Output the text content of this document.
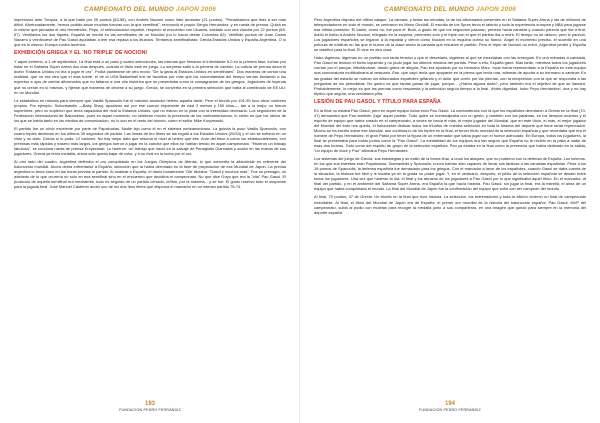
CAMPEONATO DEL MUNDO JAPON 2006

impresionó ante Turquía, a la que batió por 25 puntos (83-58), con Andrés Nocioni como líder anotador (21 puntos). "Pensábamos que ibas a ser más difícil. Afortunadamente, hemos podido sacar muchas fuerzas con la que semifinal", reconoció el propio Sergio Hernández, y en rueda de prensa. Quizá es lo mismo que pensaba el otro Hernández, Pepu, el seleccionador español, respecto al encuentro con Lituania, saldado con una victoria por 22 puntos (89-67). Ventilados los dos tiquets, España se medía en las semifinales de un Mundial (no lo hacía desde Colombia 82). Vehiflido puntos de Juan Carlos Navarro y veintinueve de Pau Gasol ayudaban a leer esa repasa a los lituanos. Tenfamos semifinalistas: Grecia-Estados Unidos y España-Argentina. O lo que es lo mismo: Europa contra América.

EXHIBICIÓN GRIEGA Y EL 'NO TRIPLE' DE NOCIONI

Y aquel extremo, a 1 de septiembre. La final está a un paso y cuatro selecciones, las mismas que firmaron el intimidante 5-0 en la primera fase, luchan por estar en el Saitama Super Arena dos días después, cuando el título esté en juego. Lo sorpresa saltó a la primera de cambio. La noticia de prensa decía el duelo "Estados Unidos no iría a jugar el oro". Podía plantearse de otro modo: "De la gana al Estados Unidos en semifinales". Dos maneras de contar una realidad, que no era otra que el mas fuerte, el de la USA Basketball era de favoritos por más que los comentaristas del tiempo venían llamando a los expertos a ojos de ciertos aficionados que no faltaron a una cita histórica que se presentaba como la consagración de los griegos. Jugadores de leyenda que no creían en sí mismos, y fíjense qué maneras de decirse a su juego. Grecia, se convertía en la primera selección que batía al combinado de EE.UU. en un Mundial.

La estadística es rotunda para siempre que Vasilis Spanoulis fue el máximo anotador heleno aquella tarde. Pero el triunfo por 101-95 tuvo otros nombres propios. Por ejemplo, Schortsanitis —Baby Shaq, apodaron así por ese cuerpo imponente de casi 2 metros y 150 kilos—, tan a lo mejor no fueron superiores, pero no supieron que tenía capacidad del rival lo Estados Unidos, que no estuvo en la pista con la intensidad necesaria. Los seguidores de la Federación Internacional de Baloncesto, pues en aquel momento, no celebran mucho la presencia de los norteamericanos, lo cierto es que los ídolos de los que se habla tanto en los medios de comunicación, no lo son en el resto del mundo, como el señor Mike Krzyzewski.

El partido fue un clínic excelente por parte de Papaloukas. Nadie lejo como él en el sistema norteamericano. La guinda la puso Vasilis Spanoulis, con cuatro triples decisivos en los últimos 35 segundos de partido. Las líneas de tiro libres se las regaló a los Estados Unidos (20/34) y el oro se esfumó en un visto y no visto. Grecia sí lo pudo: 12 balones. No hay mejor dato que resuma el nivel al helero que ése. Aníe del tieso a como los estadounidenses, con premisas más rápidas y trasero más largos, los griegos fueron a jugar en la cancha que ellos no habían tenido en aquel campeonato. "Hicieron un trabajo fabuloso", se conduna rueda de prensa Krzyzewski. Lo hicieron. Un trabajo que nació en la salvaje de Panagiotis Giannakis y acabó en las manos de sus jugadores. Grecia ya tenía medalla, ahora sólo queda bajar de color, y a su rival en la lucha por el oro.

Al otro lado del cuadro, Argentina defendía el oro conquistado en los Juegos Olímpicos de Atenas, lo que convertía la albiceleste en referente del baloncesto mundial. Ahora debía enfrentarse a España, selección que la había derrotado en la fase de preparación de ese Mundial de Japón. La prensa argentina lo tenía claro en las horas previas al partido. Al analizar a España, el diario bonaerense 'Olé' titulaba: "Gasol y muchos más". Fue un presagio, un adelanto de lo que ocurriría no sólo en esa semifinal sino en el encuentro que decidiría el campeonato. No que dice Goya que era la "olla" Pau Gasol. El protocolo de aquella semifinal era inexistente, todo es seguido de un partido cerrado, reñido, por la máxima... y se fue. El gusto reservó todo el suspense para la jugada final. José Manuel Calderón anotó uno de los dos tiros libres que disponía el marcador en un intenso partido 75-74.

193
FUNDACIÓN PEDRO FERRÁNDIZ
CAMPEONATO DEL MUNDO JAPON 2006

Pero Argentina dispuso del último ataque. La cámara, y todas las miradas, la de los aficionados presentes en el Saitama Super Arena y las de millones de telespectadores en todo el mundo, se centraron en Manu Ginóbili. El escolta de los Spurs tenía el talento y toda la experiencia europea y NBA para jugarse esa última posesión. El balón, cómo no, fue para él. Botó, a gusto de que los segundos pasaran, penetró hacia canasta y cuando parecía que iba a tirar, dobló el balón a Andrés Nocioni, relegado en la esquina, perímetro solo y el triple con el que el partido iba a morir. El tiempo no se detuvo, pero lo pareció. Los jugadores españoles se legaron a la espalda y vieron cómo Nocioni en la esquina cubría su flanco. Ángel el momento preciso, el sucedió en una película de instituto en las que el bueno de la clase anota la canasta que resuelve el partido. Pero el triple de Nocioni no entró, Argentina perdió y España se clasificó para la final. El cine es otra cosa.

Hubo lágrimas, lágrimas en un partido con tanta tensión y que el desvelaes, lágrimas al que se mezclaban con las emergías. En una entradas a cansada, Pau Gasol se lesionó el bicho izquierdo y no pudo jugar los últimos minutos del partido. Pese a ello, España ganó. Más tarde, mientras todos los jugadores corrían por el parqué, felicitándose, dando gritos de alegría, Pau era ayudado por su hermano Marc. «que había representado a la España en este equipo una convocatoria multitudinaria al vestuario. Ese, que cayó tenía que apoyarse en la pierna que tenía rota, además de ayudar a su hermano a caminar. En las gradas del estadio se nutrían los aficionados españoles gritando y el dolor que corrió por las piernas, con la inexpresión con la que se respondía a las preguntas de los periodistas. No quiero es que tantas ganas de jugar, porque... ¿Había alguna duda?, pero también era el objetivo de que se llamara. Probablemente, lo mejor es que las piernas como respuesta y la selección seguía tiempo a la final. ¡Hubo dignidad, hubo Pepu Hernández!, una y no hay triplico que seguía, una verdadera piña.

LESIÓN DE PAU GASOL Y TÍTULO PARA ESPAÑA

En la final no estaba Pau Gasol, pero en aquel equipo todos eran Pau Gasol. La contundencia con la que los españoles derrotaron a Grecia en la final (70-47) demuestra que Pau también 'jugó' aquel partido. Todo quien se homenajeaba con un gesto, y también con las palabras, en los tiempos muertos y el espíritu de equipo que había creado en el campeonato, a veces se hacía el más, el mejor jugador del Mundial, que en este título, el más, el mejor jugador del Mundial del todo nos quedó, el baloncesto dedicar todos los triunfos de nuestra selección en toda la historia del deporte que tiene tanta repercusión. Mucho se ha escrito sobre ese Mundial, aún continúa lo de los triples en la final, el tercer título mundial de la selección española y que recordaba qué era el hombre de Pepu Hernández, el gran Pablo por tener la figura de un entrenador que sabía jugar con el humor adecuado. En Europa, todos los jugadores, la final se presentaba para todos juntos como la "Pau Gasol". La mentalidad de los equipos era tan seguro que España no le recibió en la pista a nadie de esas dos formas. Todo como del espíritu de grupo de la selección española, Pau ya estaba en la final como la presencia que había dedicado en la salida, "un equipo de doce y Pau" afirmaba Pepu Hernández.

Los sistemas del juego de Grecia, sus estrategias y su estilo de la forma final, a unos los ataques, que no pudieron con la defensa de España. Los helenos, en los que sus estrellas eran Papaloukas, Diamantidis y Spanoulis, nunca habían sido capaces de llevar sus tácticas a las canastas españolas. Pese a los 18 puntos de Spanoulis, la defensa española fue demasiado para los griegos. Con el marcador a favor de los españoles, cuando Gasol se daba cuenta de la situación, la tristeza fue fácil y le tocaba ya en la grada no poder jugar. Y, en el vestuario, después, el júbilo de la selección española se desató entre todos los jugadores. Una vez que hicieron la ola, el final y los abrazos de los jugadores a Pau Gasol por lo que significaba aquel título. En el marcador, al final del partido, y en el ambiente del Saitama Super Arena, era España la que hacía historia. Pau Gasol, sin jugar la final, era la estrella, el alma de un equipo que había conquistado el mundo. La final del Mundial de Japón fue la confirmación del equipo que soñó con ser campeón del mundo.

Al final, 70 puntos, 47 de Grecia. Un triunfo en la final que hizo historia. La selección, los entrenadores y toda la afición vivieron un final de campeonato inolvidable. Al final, el título del Mundial de Japón era de España, el primer oro mundial de la historia del baloncesto español. Pau Gasol, MVP del campeonato, subió al podio con muletas para recoger la medalla junto a sus compañeros, en una imagen que quedó para siempre en la memoria del deporte español.

194
FUNDACIÓN PEDRO FERRÁNDIZ
